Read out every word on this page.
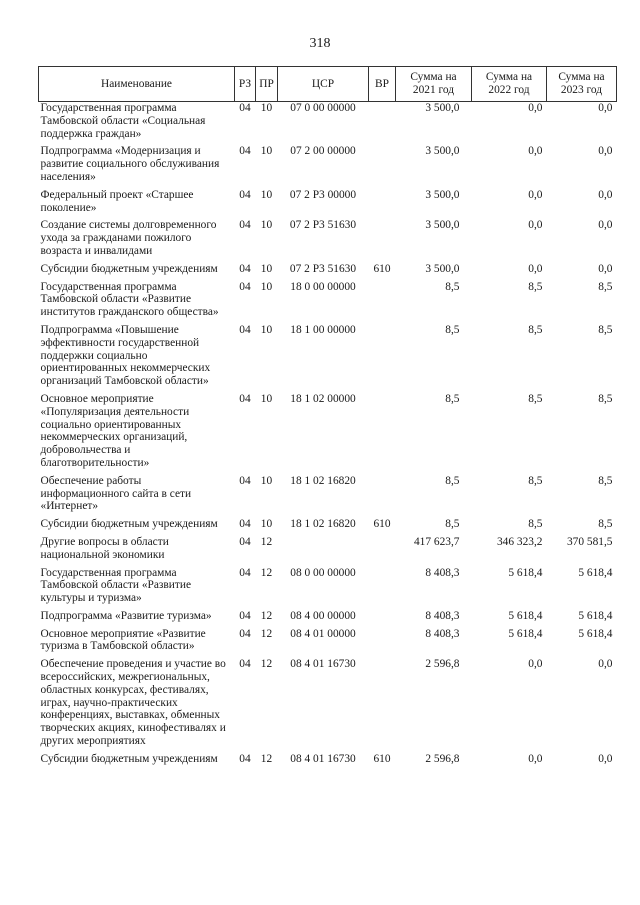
318
Наименование	РЗ	ПР	ЦСР	ВР	Сумма на 2021 год	Сумма на 2022 год	Сумма на 2023 год
Государственная программа Тамбовской области «Социальная поддержка граждан»	04	10	07 0 00 00000		3 500,0	0,0	0,0
Подпрограмма «Модернизация и развитие социального обслуживания населения»	04	10	07 2 00 00000		3 500,0	0,0	0,0
Федеральный проект «Старшее поколение»	04	10	07 2 P3 00000		3 500,0	0,0	0,0
Создание системы долговременного ухода за гражданами пожилого возраста и инвалидами	04	10	07 2 P3 51630		3 500,0	0,0	0,0
Субсидии бюджетным учреждениям	04	10	07 2 P3 51630	610	3 500,0	0,0	0,0
Государственная программа Тамбовской области «Развитие институтов гражданского общества»	04	10	18 0 00 00000		8,5	8,5	8,5
Подпрограмма «Повышение эффективности государственной поддержки социально ориентированных некоммерческих организаций Тамбовской области»	04	10	18 1 00 00000		8,5	8,5	8,5
Основное мероприятие «Популяризация деятельности социально ориентированных некоммерческих организаций, добровольчества и благотворительности»	04	10	18 1 02 00000		8,5	8,5	8,5
Обеспечение работы информационного сайта в сети «Интернет»	04	10	18 1 02 16820		8,5	8,5	8,5
Субсидии бюджетным учреждениям	04	10	18 1 02 16820	610	8,5	8,5	8,5
Другие вопросы в области национальной экономики	04	12			417 623,7	346 323,2	370 581,5
Государственная программа Тамбовской области «Развитие культуры и туризма»	04	12	08 0 00 00000		8 408,3	5 618,4	5 618,4
Подпрограмма «Развитие туризма»	04	12	08 4 00 00000		8 408,3	5 618,4	5 618,4
Основное мероприятие «Развитие туризма в Тамбовской области»	04	12	08 4 01 00000		8 408,3	5 618,4	5 618,4
Обеспечение проведения и участие во всероссийских, межрегиональных, областных конкурсах, фестивалях, играх, научно-практических конференциях, выставках, обменных творческих акциях, кинофестивалях и других мероприятиях	04	12	08 4 01 16730		2 596,8	0,0	0,0
Субсидии бюджетным учреждениям	04	12	08 4 01 16730	610	2 596,8	0,0	0,0
